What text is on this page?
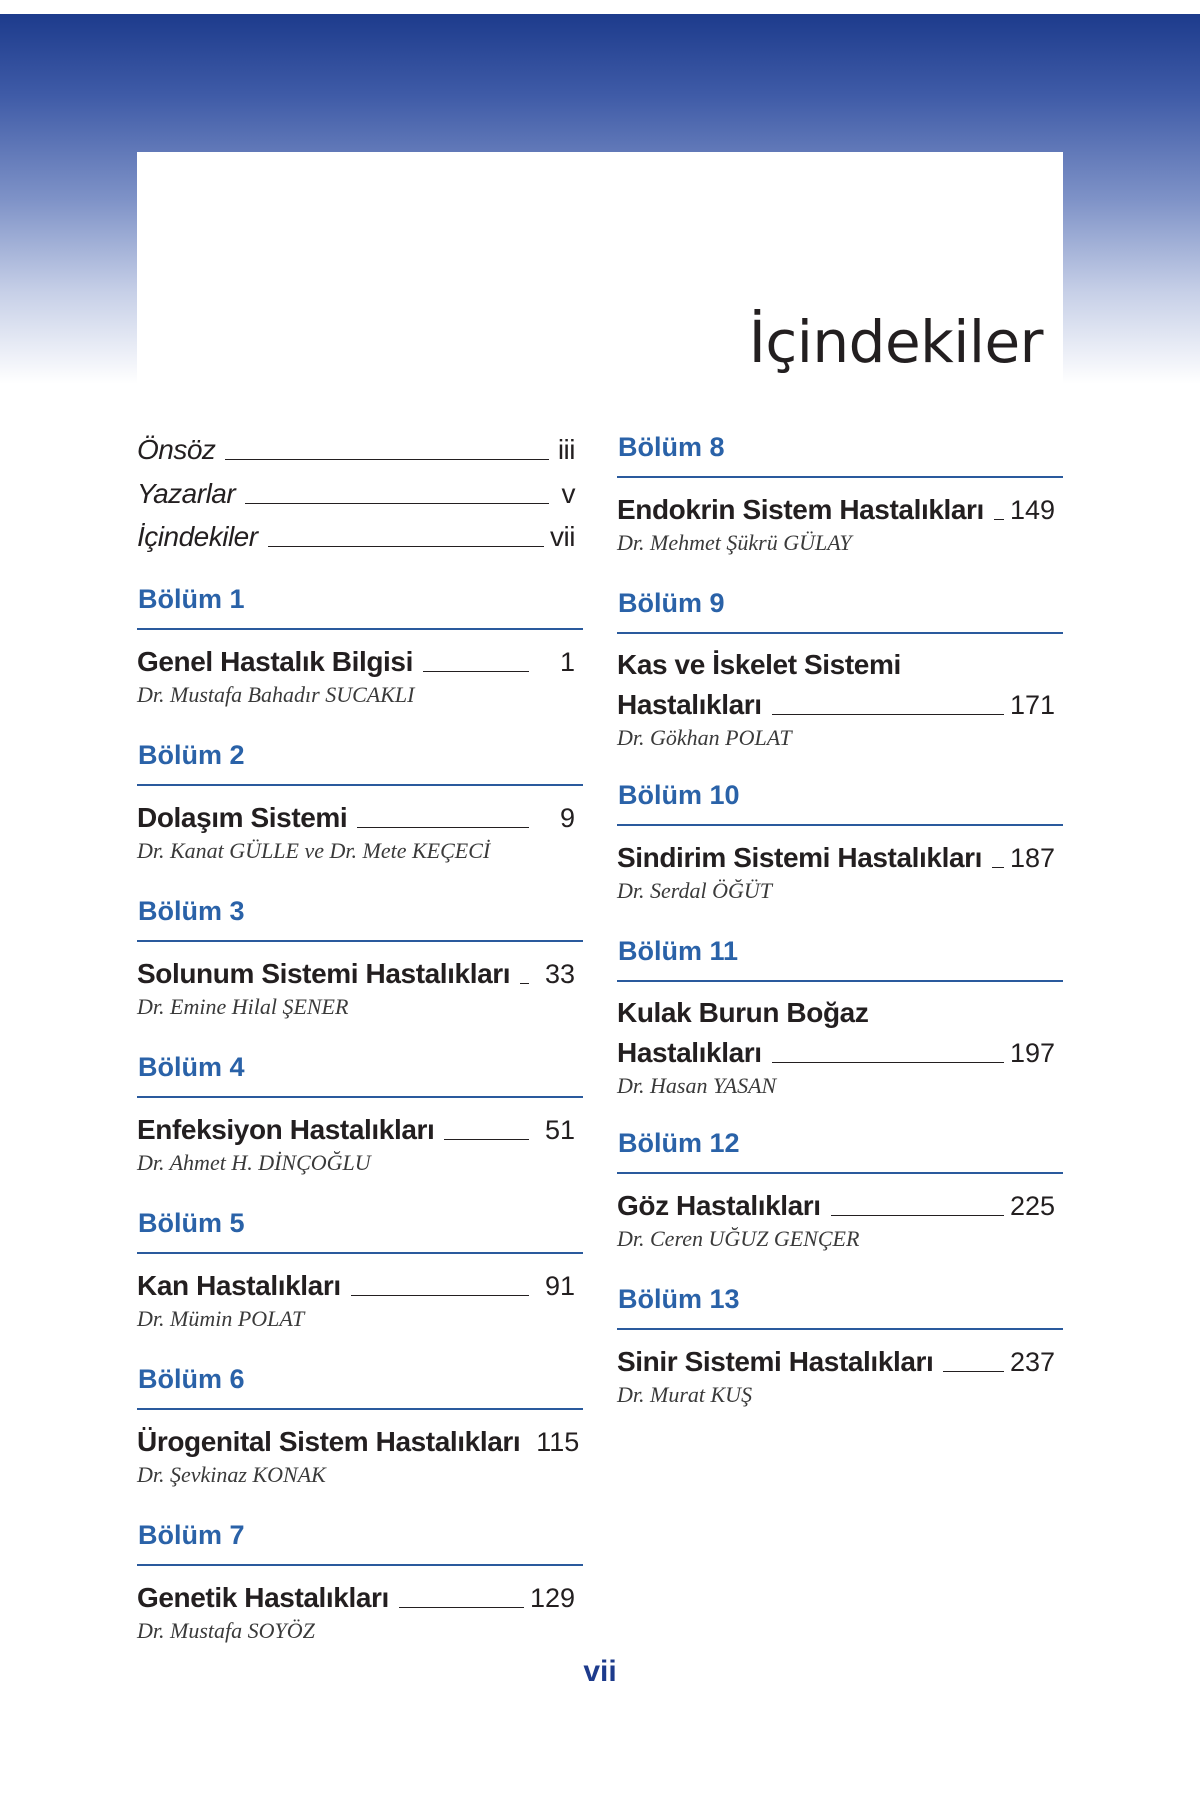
İçindekiler
Önsöz	iii
Yazarlar	v
İçindekiler	vii
Bölüm 1
Genel Hastalık Bilgisi	1
Dr. Mustafa Bahadır SUCAKLI
Bölüm 2
Dolaşım Sistemi	9
Dr. Kanat GÜLLE ve Dr. Mete KEÇECİ
Bölüm 3
Solunum Sistemi Hastalıkları	33
Dr. Emine Hilal ŞENER
Bölüm 4
Enfeksiyon Hastalıkları	51
Dr. Ahmet H. DİNÇOĞLU
Bölüm 5
Kan Hastalıkları	91
Dr. Mümin POLAT
Bölüm 6
Ürogenital Sistem Hastalıkları 115
Dr. Şevkinaz KONAK
Bölüm 7
Genetik Hastalıkları	129
Dr. Mustafa SOYÖZ
Bölüm 8
Endokrin Sistem Hastalıkları 149
Dr. Mehmet Şükrü GÜLAY
Bölüm 9
Kas ve İskelet Sistemi
Hastalıkları	171
Dr. Gökhan POLAT
Bölüm 10
Sindirim Sistemi Hastalıkları 187
Dr. Serdal ÖĞÜT
Bölüm 11
Kulak Burun Boğaz
Hastalıkları	197
Dr. Hasan YASAN
Bölüm 12
Göz Hastalıkları	225
Dr. Ceren UĞUZ GENÇER
Bölüm 13
Sinir Sistemi Hastalıkları	237
Dr. Murat KUŞ
vii
